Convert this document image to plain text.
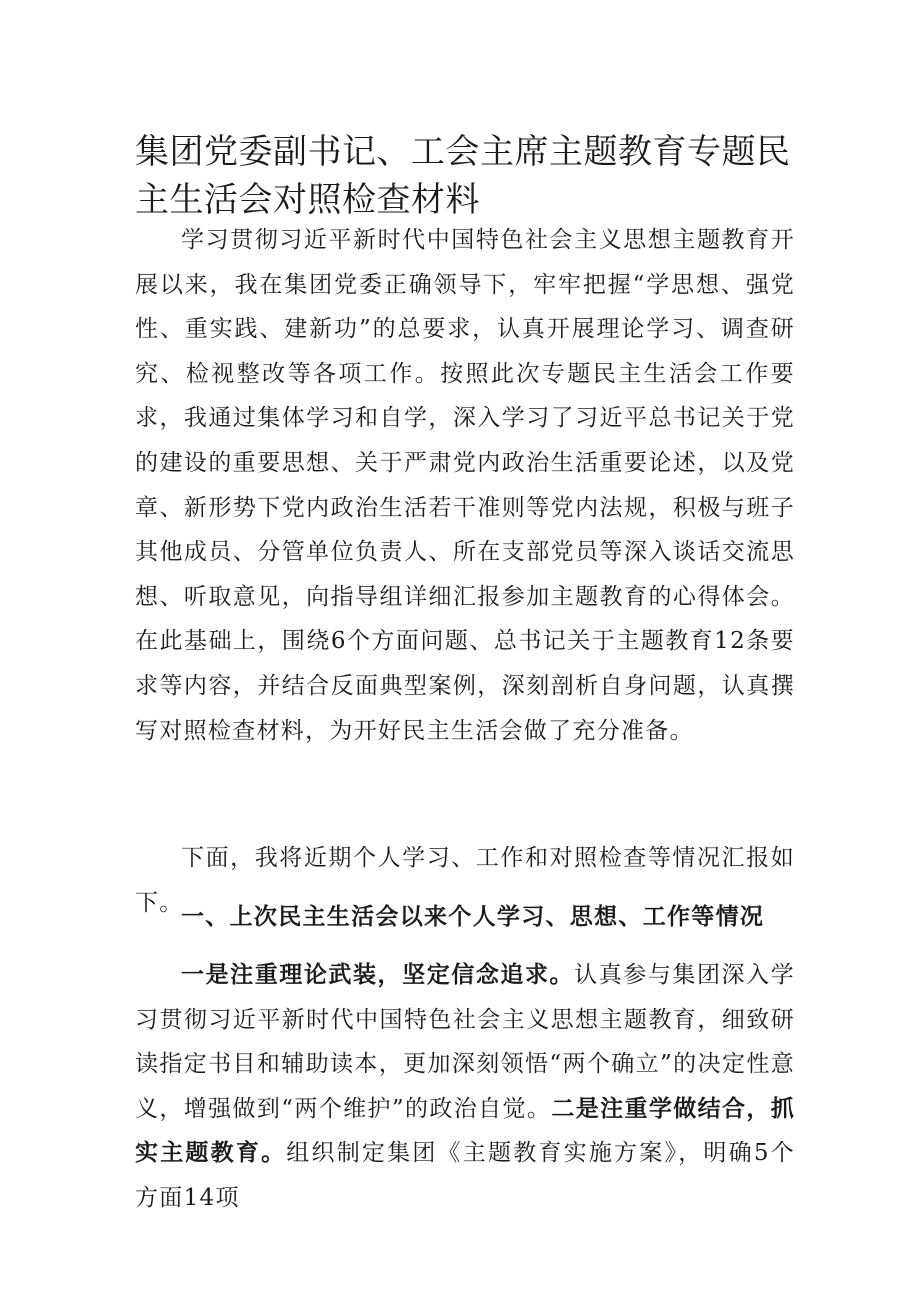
集团党委副书记、工会主席主题教育专题民主生活会对照检查材料

学习贯彻习近平新时代中国特色社会主义思想主题教育开展以来，我在集团党委正确领导下，牢牢把握“学思想、强党性、重实践、建新功”的总要求，认真开展理论学习、调查研究、检视整改等各项工作。按照此次专题民主生活会工作要求，我通过集体学习和自学，深入学习了习近平总书记关于党的建设的重要思想、关于严肃党内政治生活重要论述，以及党章、新形势下党内政治生活若干准则等党内法规，积极与班子其他成员、分管单位负责人、所在支部党员等深入谈话交流思想、听取意见，向指导组详细汇报参加主题教育的心得体会。在此基础上，围绕6个方面问题、总书记关于主题教育12条要求等内容，并结合反面典型案例，深刻剖析自身问题，认真撰写对照检查材料，为开好民主生活会做了充分准备。

下面，我将近期个人学习、工作和对照检查等情况汇报如下。

一、上次民主生活会以来个人学习、思想、工作等情况

一是注重理论武装，坚定信念追求。认真参与集团深入学习贯彻习近平新时代中国特色社会主义思想主题教育，细致研读指定书目和辅助读本，更加深刻领悟“两个确立”的决定性意义，增强做到“两个维护”的政治自觉。二是注重学做结合，抓实主题教育。组织制定集团《主题教育实施方案》，明确5个方面14项
